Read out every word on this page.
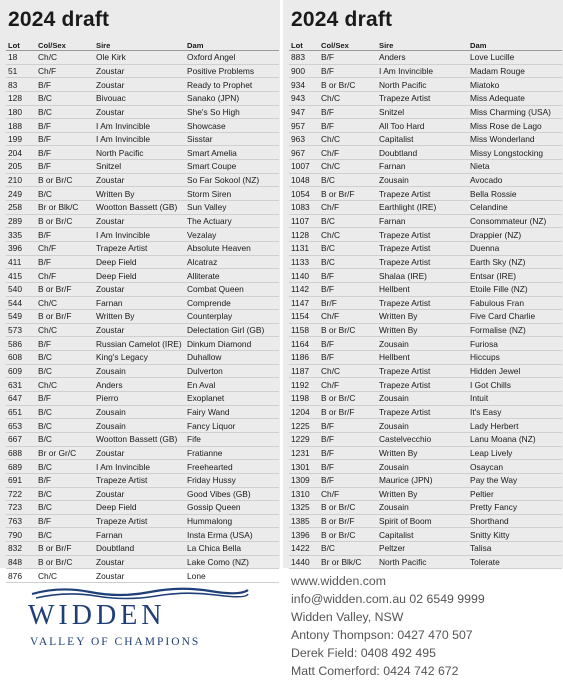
2024 draft
Lot	Col/Sex	Sire	Dam
18	Ch/C	Ole Kirk	Oxford Angel
51	Ch/F	Zoustar	Positive Problems
83	B/F	Zoustar	Ready to Prophet
128	B/C	Bivouac	Sanako (JPN)
180	B/C	Zoustar	She's So High
188	B/F	I Am Invincible	Showcase
199	B/F	I Am Invincible	Sisstar
204	B/F	North Pacific	Smart Amelia
205	B/F	Snitzel	Smart Coupe
210	B or Br/C	Zoustar	So Far Sokool (NZ)
249	B/C	Written By	Storm Siren
258	Br or Blk/C	Wootton Bassett (GB)	Sun Valley
289	B or Br/C	Zoustar	The Actuary
335	B/F	I Am Invincible	Vezalay
396	Ch/F	Trapeze Artist	Absolute Heaven
411	B/F	Deep Field	Alcatraz
415	Ch/F	Deep Field	Alliterate
540	B or Br/F	Zoustar	Combat Queen
544	Ch/C	Farnan	Comprende
549	B or Br/F	Written By	Counterplay
573	Ch/C	Zoustar	Delectation Girl (GB)
586	B/F	Russian Camelot (IRE)	Dinkum Diamond
608	B/C	King's Legacy	Duhallow
609	B/C	Zousain	Dulverton
631	Ch/C	Anders	En Aval
647	B/F	Pierro	Exoplanet
651	B/C	Zousain	Fairy Wand
653	B/C	Zousain	Fancy Liquor
667	B/C	Wootton Bassett (GB)	Fife
688	Br or Gr/C	Zoustar	Fratianne
689	B/C	I Am Invincible	Freehearted
691	B/F	Trapeze Artist	Friday Hussy
722	B/C	Zoustar	Good Vibes (GB)
723	B/C	Deep Field	Gossip Queen
763	B/F	Trapeze Artist	Hummalong
790	B/C	Farnan	Insta Erma (USA)
832	B or Br/F	Doubtland	La Chica Bella
848	B or Br/C	Zoustar	Lake Como (NZ)
876	Ch/C	Zoustar	Lone
2024 draft
Lot	Col/Sex	Sire	Dam
883	B/F	Anders	Love Lucille
900	B/F	I Am Invincible	Madam Rouge
934	B or Br/C	North Pacific	Miatoko
943	Ch/C	Trapeze Artist	Miss Adequate
947	B/F	Snitzel	Miss Charming (USA)
957	B/F	All Too Hard	Miss Rose de Lago
963	Ch/C	Capitalist	Miss Wonderland
967	Ch/F	Doubtland	Missy Longstocking
1007	Ch/C	Farnan	Nieta
1048	B/C	Zousain	Avocado
1054	B or Br/F	Trapeze Artist	Bella Rossie
1083	Ch/F	Earthlight (IRE)	Celandine
1107	B/C	Farnan	Consommateur (NZ)
1128	Ch/C	Trapeze Artist	Drappier (NZ)
1131	B/C	Trapeze Artist	Duenna
1133	B/C	Trapeze Artist	Earth Sky (NZ)
1140	B/F	Shalaa (IRE)	Entsar (IRE)
1142	B/F	Hellbent	Etoile Fille (NZ)
1147	Br/F	Trapeze Artist	Fabulous Fran
1154	Ch/F	Written By	Five Card Charlie
1158	B or Br/C	Written By	Formalise (NZ)
1164	B/F	Zousain	Furiosa
1186	B/F	Hellbent	Hiccups
1187	Ch/C	Trapeze Artist	Hidden Jewel
1192	Ch/F	Trapeze Artist	I Got Chills
1198	B or Br/C	Zousain	Intuit
1204	B or Br/F	Trapeze Artist	It's Easy
1225	B/F	Zousain	Lady Herbert
1229	B/F	Castelvecchio	Lanu Moana (NZ)
1231	B/F	Written By	Leap Lively
1301	B/F	Zousain	Osaycan
1309	B/F	Maurice (JPN)	Pay the Way
1310	Ch/F	Written By	Peltier
1325	B or Br/C	Zousain	Pretty Fancy
1385	B or Br/F	Spirit of Boom	Shorthand
1396	B or Br/C	Capitalist	Snitty Kitty
1422	B/C	Peltzer	Talisa
1440	Br or Blk/C	North Pacific	Tolerate
WIDDEN
VALLEY OF CHAMPIONS
www.widden.com
info@widden.com.au 02 6549 9999
Widden Valley, NSW
Antony Thompson: 0427 470 507
Derek Field: 0408 492 495
Matt Comerford: 0424 742 672
